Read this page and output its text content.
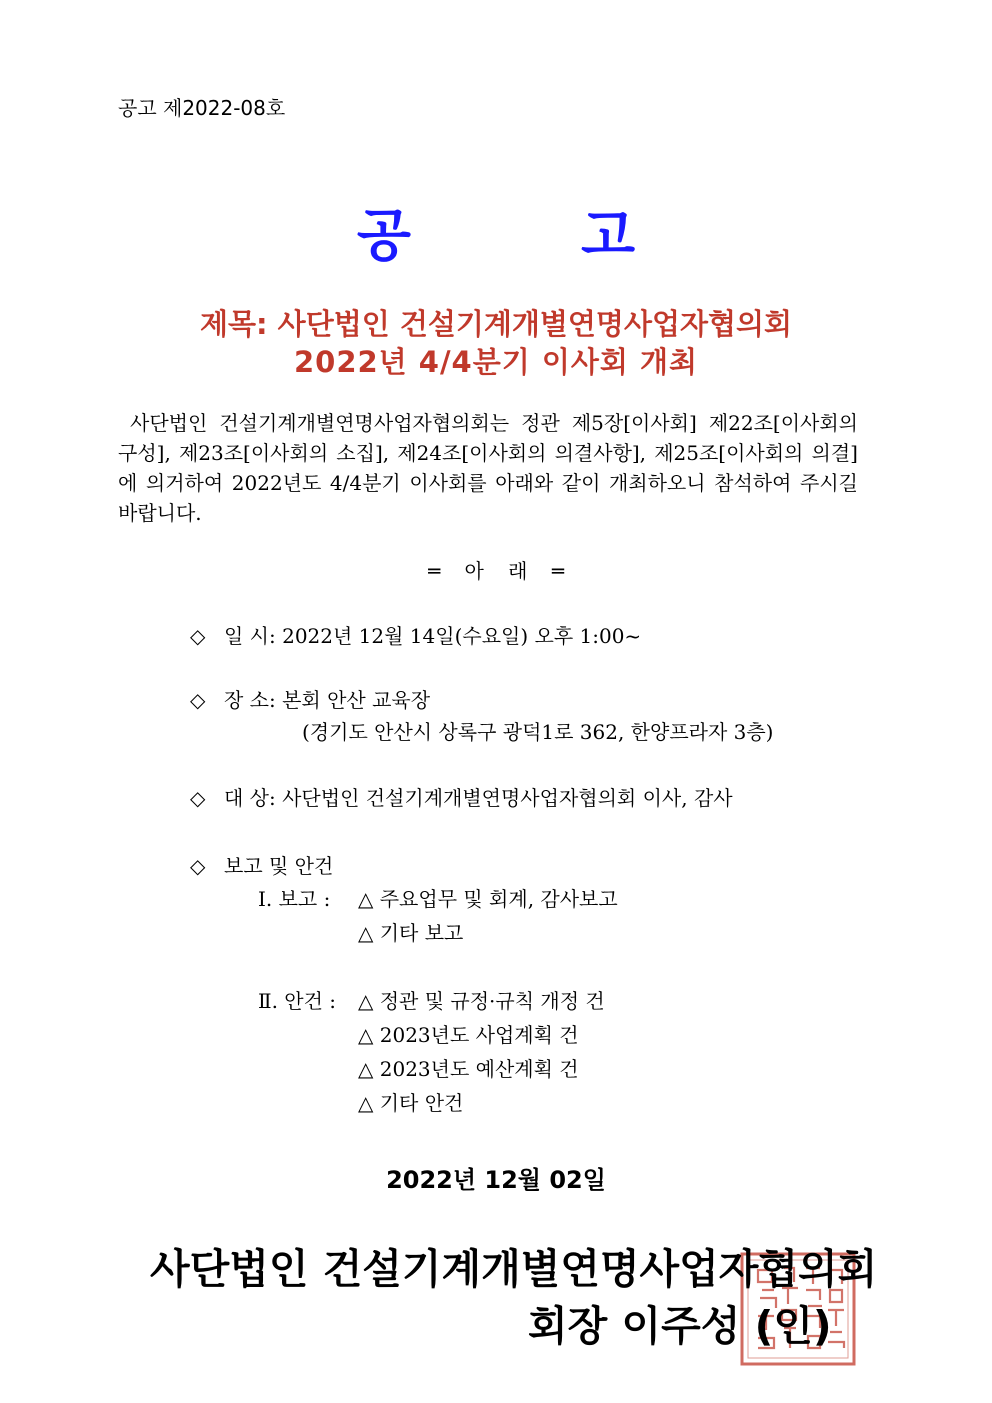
공고 제2022-08호
공	고
제목: 사단법인 건설기계개별연명사업자협의회
2022년 4/4분기 이사회 개최
사단법인 건설기계개별연명사업자협의회는 정관 제5장[이사회] 제22조[이사회의 구성], 제23조[이사회의 소집], 제24조[이사회의 의결사항], 제25조[이사회의 의결]에 의거하여 2022년도 4/4분기 이사회를 아래와 같이 개최하오니 참석하여 주시길 바랍니다.
═ 아 래 ═
◇ 일 시: 2022년 12월 14일(수요일) 오후 1:00~
◇ 장 소: 본회 안산 교육장
(경기도 안산시 상록구 광덕1로 362, 한양프라자 3층)
◇ 대 상: 사단법인 건설기계개별연명사업자협의회 이사, 감사
◇ 보고 및 안건
Ⅰ. 보고 : △ 주요업무 및 회계, 감사보고
△ 기타 보고
Ⅱ. 안건 : △ 정관 및 규정·규칙 개정 건
△ 2023년도 사업계획 건
△ 2023년도 예산계획 건
△ 기타 안건
2022년 12월 02일
사단법인 건설기계개별연명사업자협의회
회장 이주성 (인)
